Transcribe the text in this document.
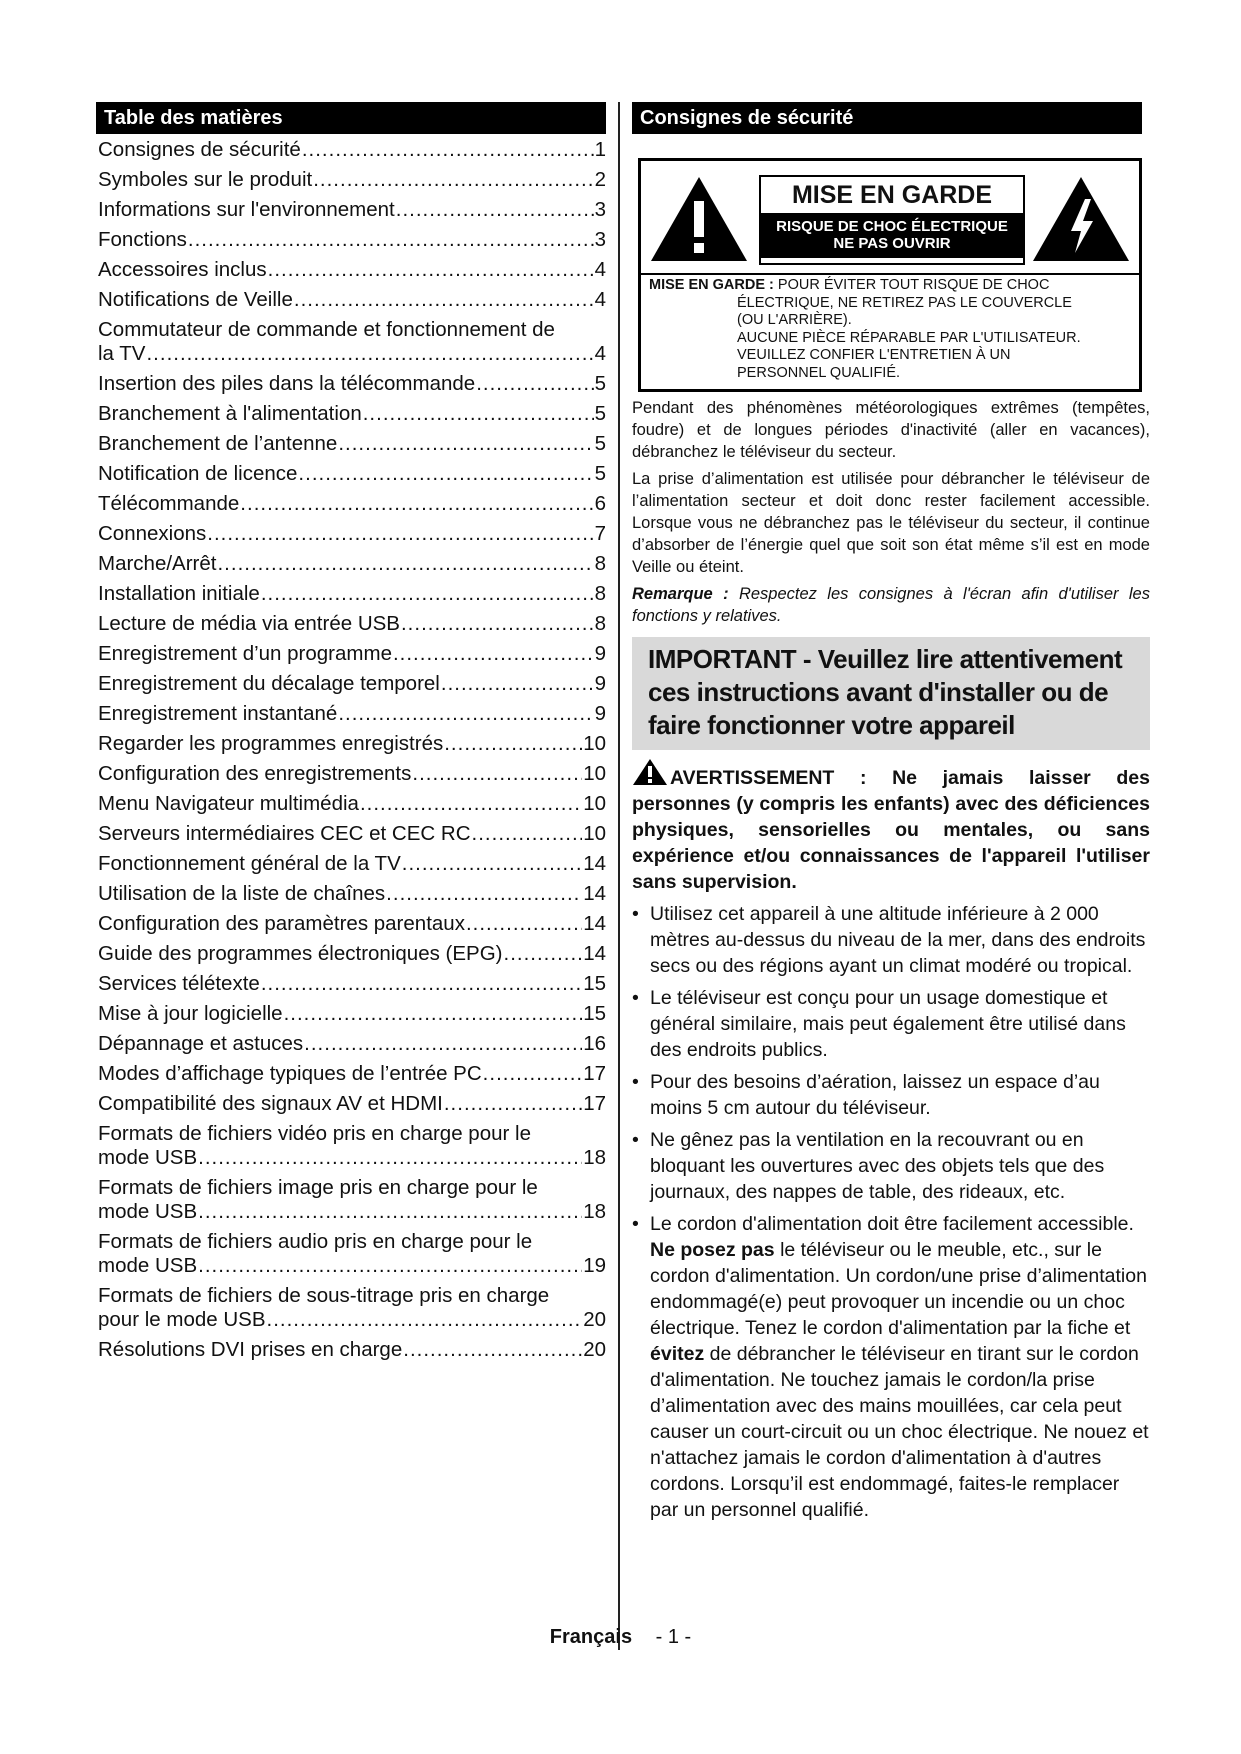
Table des matières
Consignes de sécurité .....	1
Symboles sur le produit .....	2
Informations sur l'environnement .....	3
Fonctions .....	3
Accessoires inclus .....	4
Notifications de Veille .....	4
Commutateur de commande et fonctionnement de
la TV .....	4
Insertion des piles dans la télécommande .....	5
Branchement à l'alimentation .....	5
Branchement de l’antenne .....	5
Notification de licence .....	5
Télécommande .....	6
Connexions .....	7
Marche/Arrêt .....	8
Installation initiale .....	8
Lecture de média via entrée USB .....	8
Enregistrement d’un programme .....	9
Enregistrement du décalage temporel .....	9
Enregistrement instantané .....	9
Regarder les programmes enregistrés .....	10
Configuration des enregistrements .....	10
Menu Navigateur multimédia .....	10
Serveurs intermédiaires CEC et CEC RC .....	10
Fonctionnement général de la TV .....	14
Utilisation de la liste de chaînes .....	14
Configuration des paramètres parentaux .....	14
Guide des programmes électroniques (EPG) .....	14
Services télétexte .....	15
Mise à jour logicielle .....	15
Dépannage et astuces .....	16
Modes d’affichage typiques de l’entrée PC .....	17
Compatibilité des signaux AV et HDMI .....	17
Formats de fichiers vidéo pris en charge pour le
mode USB .....	18
Formats de fichiers image pris en charge pour le
mode USB .....	18
Formats de fichiers audio pris en charge pour le
mode USB .....	19
Formats de fichiers de sous-titrage pris en charge
pour le mode USB .....	20
Résolutions DVI prises en charge .....	20
Consignes de sécurité
MISE EN GARDE
RISQUE DE CHOC ÉLECTRIQUE
NE PAS OUVRIR
MISE EN GARDE : POUR ÉVITER TOUT RISQUE DE CHOC
ÉLECTRIQUE, NE RETIREZ PAS LE COUVERCLE
(OU L'ARRIÈRE).
AUCUNE PIÈCE RÉPARABLE PAR L'UTILISATEUR.
VEUILLEZ CONFIER L'ENTRETIEN À UN
PERSONNEL QUALIFIÉ.

Pendant des phénomènes météorologiques extrêmes (tempêtes, foudre) et de longues périodes d'inactivité (aller en vacances), débranchez le téléviseur du secteur.

La prise d’alimentation est utilisée pour débrancher le téléviseur de l’alimentation secteur et doit donc rester facilement accessible. Lorsque vous ne débranchez pas le téléviseur du secteur, il continue d’absorber de l’énergie quel que soit son état même s’il est en mode Veille ou éteint.

Remarque : Respectez les consignes à l'écran afin d'utiliser les fonctions y relatives.

IMPORTANT - Veuillez lire attentivement ces instructions avant d'installer ou de faire fonctionner votre appareil
AVERTISSEMENT : Ne jamais laisser des personnes (y compris les enfants) avec des déficiences physiques, sensorielles ou mentales, ou sans expérience et/ou connaissances de l'appareil l'utiliser sans supervision.
• Utilisez cet appareil à une altitude inférieure à 2 000 mètres au-dessus du niveau de la mer, dans des endroits secs ou des régions ayant un climat modéré ou tropical.
• Le téléviseur est conçu pour un usage domestique et général similaire, mais peut également être utilisé dans des endroits publics.
• Pour des besoins d’aération, laissez un espace d’au moins 5 cm autour du téléviseur.
• Ne gênez pas la ventilation en la recouvrant ou en bloquant les ouvertures avec des objets tels que des journaux, des nappes de table, des rideaux, etc.
• Le cordon d'alimentation doit être facilement accessible. Ne posez pas le téléviseur ou le meuble, etc., sur le cordon d'alimentation. Un cordon/une prise d’alimentation endommagé(e) peut provoquer un incendie ou un choc électrique. Tenez le cordon d'alimentation par la fiche et évitez de débrancher le téléviseur en tirant sur le cordon d'alimentation. Ne touchez jamais le cordon/la prise d’alimentation avec des mains mouillées, car cela peut causer un court-circuit ou un choc électrique. Ne nouez et n'attachez jamais le cordon d'alimentation à d'autres cordons. Lorsqu’il est endommagé, faites-le remplacer par un personnel qualifié.
Français - 1 -
